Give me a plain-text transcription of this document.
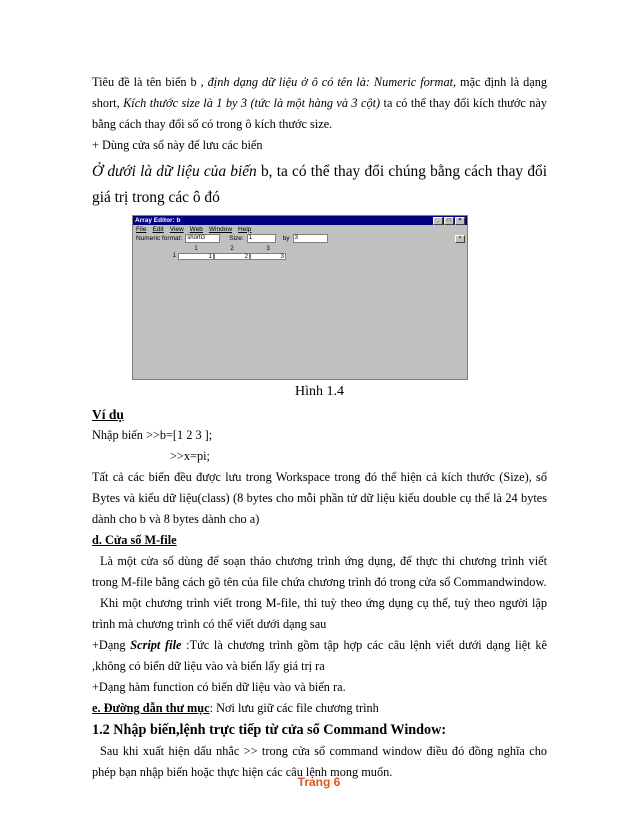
Tiêu đề là tên biến b , định dạng dữ liệu ở ô có tên là: Numeric format, mặc định là dạng short, Kích thước size là 1 by 3 (tức là một hàng và 3 cột) ta có thể thay đổi kích thước này bằng cách thay đổi số có trong ô kích thước size.

+ Dùng cửa sổ này để lưu các biến

Ở dưới là dữ liệu của biến b, ta có thể thay đổi chúng bằng cách thay đổi giá trị trong các ô đó

Array Editor: b	_	□	×
File Edit View Web Window Help
Numeric format: shortG	Size: 1	by 3	×
1	2	3
1	1	2	3

Hình 1.4

Ví dụ

Nhập biến >>b=[1 2 3 ];

>>x=pi;

Tất cả các biến đều được lưu trong Workspace trong đó thể hiện cả kích thước (Size), số Bytes và kiểu dữ liệu(class) (8 bytes cho mỗi phần tử dữ liệu kiểu double cụ thể là 24 bytes dành cho b và 8 bytes dành cho a)

d. Cửa sổ M-file

Là một cửa sổ dùng để soạn thảo chương trình ứng dụng, để thực thi chương trình viết trong M-file bằng cách gõ tên của file chứa chương trình đó trong cửa sổ Commandwindow.

Khi một chương trình viết trong M-file, thì tuỳ theo ứng dụng cụ thể, tuỳ theo người lập trình mà chương trình có thể viết dưới dạng sau

+Dạng Script file :Tức là chương trình gồm tập hợp các câu lệnh viết dưới dạng liệt kê ,không có biến dữ liệu vào và biến lấy giá trị ra

+Dạng hàm function có biến dữ liệu vào và biến ra.

e. Đường dẫn thư mục: Nơi lưu giữ các file chương trình

1.2 Nhập biến,lệnh trực tiếp từ cửa sổ Command Window:

Sau khi xuất hiện dấu nhắc >> trong cửa sổ command window điều đó đồng nghĩa cho phép bạn nhập biến hoặc thực hiện các câu lệnh mong muốn.

Trang 6
